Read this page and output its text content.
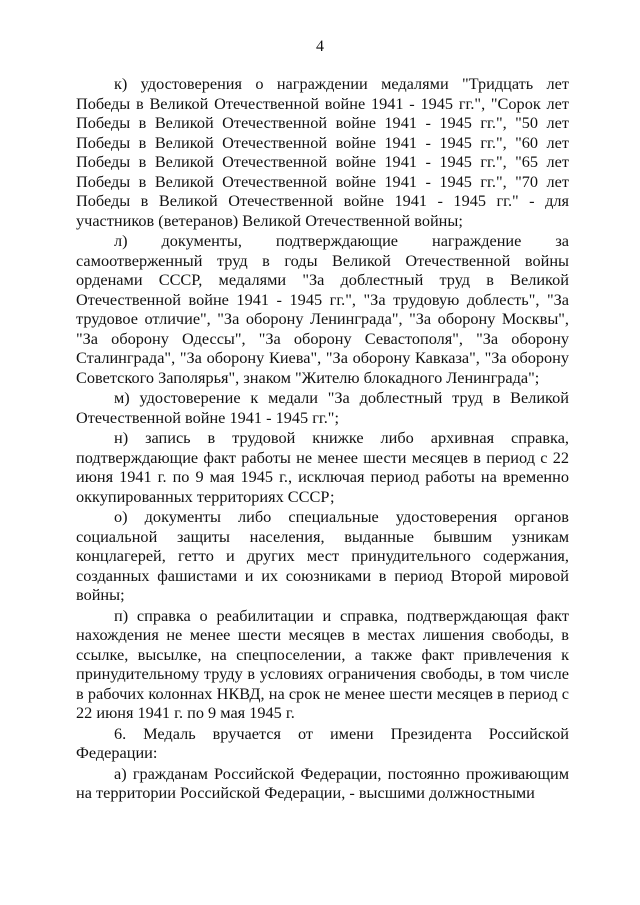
4

к) удостоверения о награждении медалями "Тридцать лет Победы в Великой Отечественной войне 1941 - 1945 гг.", "Сорок лет Победы в Великой Отечественной войне 1941 - 1945 гг.", "50 лет Победы в Великой Отечественной войне 1941 - 1945 гг.", "60 лет Победы в Великой Отечественной войне 1941 - 1945 гг.", "65 лет Победы в Великой Отечественной войне 1941 - 1945 гг.", "70 лет Победы в Великой Отечественной войне 1941 - 1945 гг." - для участников (ветеранов) Великой Отечественной войны;

л) документы, подтверждающие награждение за самоотверженный труд в годы Великой Отечественной войны орденами СССР, медалями "За доблестный труд в Великой Отечественной войне 1941 - 1945 гг.", "За трудовую доблесть", "За трудовое отличие", "За оборону Ленинграда", "За оборону Москвы", "За оборону Одессы", "За оборону Севастополя", "За оборону Сталинграда", "За оборону Киева", "За оборону Кавказа", "За оборону Советского Заполярья", знаком "Жителю блокадного Ленинграда";

м) удостоверение к медали "За доблестный труд в Великой Отечественной войне 1941 - 1945 гг.";

н) запись в трудовой книжке либо архивная справка, подтверждающие факт работы не менее шести месяцев в период с 22 июня 1941 г. по 9 мая 1945 г., исключая период работы на временно оккупированных территориях СССР;

о) документы либо специальные удостоверения органов социальной защиты населения, выданные бывшим узникам концлагерей, гетто и других мест принудительного содержания, созданных фашистами и их союзниками в период Второй мировой войны;

п) справка о реабилитации и справка, подтверждающая факт нахождения не менее шести месяцев в местах лишения свободы, в ссылке, высылке, на спецпоселении, а также факт привлечения к принудительному труду в условиях ограничения свободы, в том числе в рабочих колоннах НКВД, на срок не менее шести месяцев в период с 22 июня 1941 г. по 9 мая 1945 г.

6. Медаль вручается от имени Президента Российской Федерации:

а) гражданам Российской Федерации, постоянно проживающим на территории Российской Федерации, - высшими должностными
